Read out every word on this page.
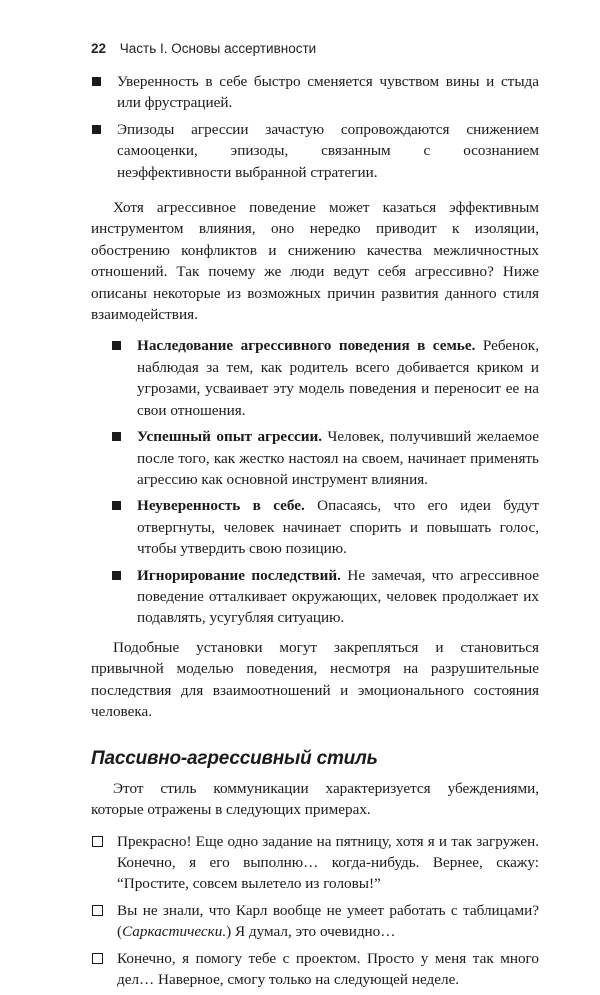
22 Часть I. Основы ассертивности
Уверенность в себе быстро сменяется чувством вины и стыда или фрустрацией.
Эпизоды агрессии зачастую сопровождаются снижением самооценки, эпизоды, связанным с осознанием неэффективности выбранной стратегии.

Хотя агрессивное поведение может казаться эффективным инструментом влияния, оно нередко приводит к изоляции, обострению конфликтов и снижению качества межличностных отношений. Так почему же люди ведут себя агрессивно? Ниже описаны некоторые из возможных причин развития данного стиля взаимодействия.

Наследование агрессивного поведения в семье. Ребенок, наблюдая за тем, как родитель всего добивается криком и угрозами, усваивает эту модель поведения и переносит ее на свои отношения.
Успешный опыт агрессии. Человек, получивший желаемое после того, как жестко настоял на своем, начинает применять агрессию как основной инструмент влияния.
Неуверенность в себе. Опасаясь, что его идеи будут отвергнуты, человек начинает спорить и повышать голос, чтобы утвердить свою позицию.
Игнорирование последствий. Не замечая, что агрессивное поведение отталкивает окружающих, человек продолжает их подавлять, усугубляя ситуацию.

Подобные установки могут закрепляться и становиться привычной моделью поведения, несмотря на разрушительные последствия для взаимоотношений и эмоционального состояния человека.

Пассивно-агрессивный стиль

Этот стиль коммуникации характеризуется убеждениями, которые отражены в следующих примерах.

Прекрасно! Еще одно задание на пятницу, хотя я и так загружен. Конечно, я его выполню… когда-нибудь. Вернее, скажу: “Простите, совсем вылетело из головы!”
Вы не знали, что Карл вообще не умеет работать с таблицами? (Саркастически.) Я думал, это очевидно…
Конечно, я помогу тебе с проектом. Просто у меня так много дел… Наверное, смогу только на следующей неделе.
